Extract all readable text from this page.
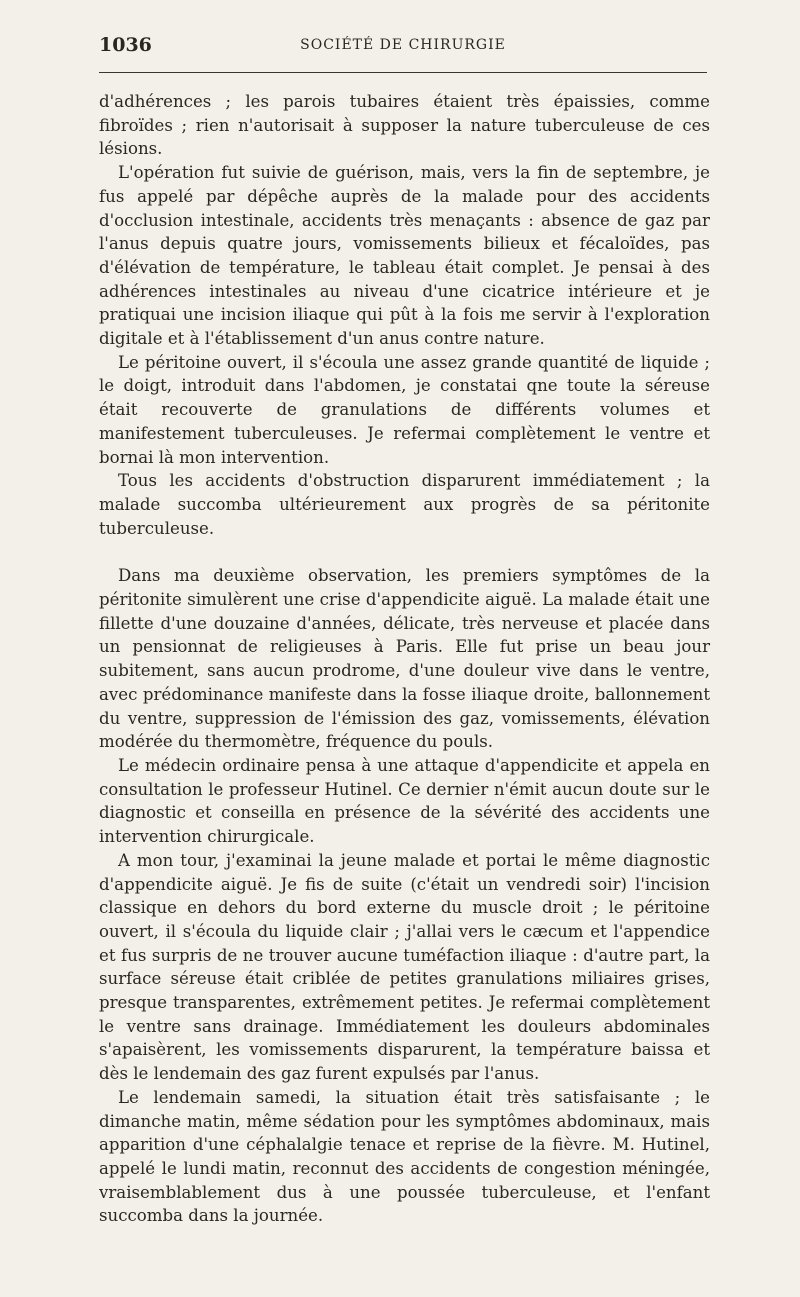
1036	SOCIÉTÉ DE CHIRURGIE

d'adhérences ; les parois tubaires étaient très épaissies, comme fibroïdes ; rien n'autorisait à supposer la nature tuberculeuse de ces lésions.

L'opération fut suivie de guérison, mais, vers la fin de septembre, je fus appelé par dépêche auprès de la malade pour des accidents d'occlusion intestinale, accidents très menaçants : absence de gaz par l'anus depuis quatre jours, vomissements bilieux et fécaloïdes, pas d'élévation de température, le tableau était complet. Je pensai à des adhérences intestinales au niveau d'une cicatrice intérieure et je pratiquai une incision iliaque qui pût à la fois me servir à l'exploration digitale et à l'établissement d'un anus contre nature.

Le péritoine ouvert, il s'écoula une assez grande quantité de liquide ; le doigt, introduit dans l'abdomen, je constatai qne toute la séreuse était recouverte de granulations de différents volumes et manifestement tuberculeuses. Je refermai complètement le ventre et bornai là mon intervention.

Tous les accidents d'obstruction disparurent immédiatement ; la malade succomba ultérieurement aux progrès de sa péritonite tuberculeuse.

Dans ma deuxième observation, les premiers symptômes de la péritonite simulèrent une crise d'appendicite aiguë. La malade était une fillette d'une douzaine d'années, délicate, très nerveuse et placée dans un pensionnat de religieuses à Paris. Elle fut prise un beau jour subitement, sans aucun prodrome, d'une douleur vive dans le ventre, avec prédominance manifeste dans la fosse iliaque droite, ballonnement du ventre, suppression de l'émission des gaz, vomissements, élévation modérée du thermomètre, fréquence du pouls.

Le médecin ordinaire pensa à une attaque d'appendicite et appela en consultation le professeur Hutinel. Ce dernier n'émit aucun doute sur le diagnostic et conseilla en présence de la sévérité des accidents une intervention chirurgicale.

A mon tour, j'examinai la jeune malade et portai le même diagnostic d'appendicite aiguë. Je fis de suite (c'était un vendredi soir) l'incision classique en dehors du bord externe du muscle droit ; le péritoine ouvert, il s'écoula du liquide clair ; j'allai vers le cæcum et l'appendice et fus surpris de ne trouver aucune tuméfaction iliaque : d'autre part, la surface séreuse était criblée de petites granulations miliaires grises, presque transparentes, extrêmement petites. Je refermai complètement le ventre sans drainage. Immédiatement les douleurs abdominales s'apaisèrent, les vomissements disparurent, la température baissa et dès le lendemain des gaz furent expulsés par l'anus.

Le lendemain samedi, la situation était très satisfaisante ; le dimanche matin, même sédation pour les symptômes abdominaux, mais apparition d'une céphalalgie tenace et reprise de la fièvre. M. Hutinel, appelé le lundi matin, reconnut des accidents de congestion méningée, vraisemblablement dus à une poussée tuberculeuse, et l'enfant succomba dans la journée.
